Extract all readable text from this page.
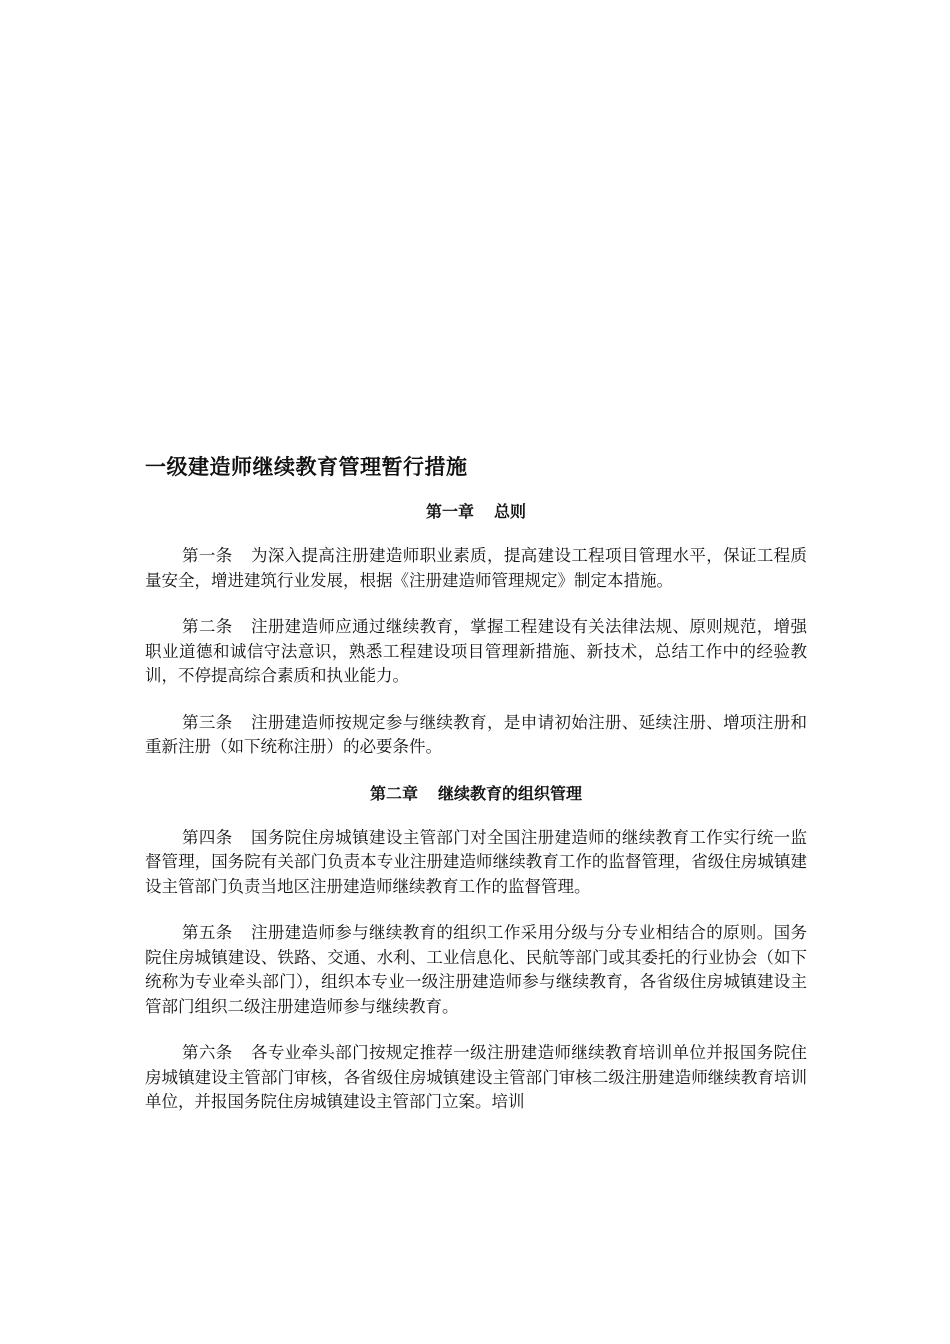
一级建造师继续教育管理暂行措施
第一章 总则

第一条 为深入提高注册建造师职业素质，提高建设工程项目管理水平，保证工程质量安全，增进建筑行业发展，根据《注册建造师管理规定》制定本措施。

第二条 注册建造师应通过继续教育，掌握工程建设有关法律法规、原则规范，增强职业道德和诚信守法意识，熟悉工程建设项目管理新措施、新技术，总结工作中的经验教训，不停提高综合素质和执业能力。

第三条 注册建造师按规定参与继续教育，是申请初始注册、延续注册、增项注册和重新注册（如下统称注册）的必要条件。

第二章 继续教育的组织管理

第四条 国务院住房城镇建设主管部门对全国注册建造师的继续教育工作实行统一监督管理，国务院有关部门负责本专业注册建造师继续教育工作的监督管理，省级住房城镇建设主管部门负责当地区注册建造师继续教育工作的监督管理。

第五条 注册建造师参与继续教育的组织工作采用分级与分专业相结合的原则。国务院住房城镇建设、铁路、交通、水利、工业信息化、民航等部门或其委托的行业协会（如下统称为专业牵头部门），组织本专业一级注册建造师参与继续教育，各省级住房城镇建设主管部门组织二级注册建造师参与继续教育。

第六条 各专业牵头部门按规定推荐一级注册建造师继续教育培训单位并报国务院住房城镇建设主管部门审核，各省级住房城镇建设主管部门审核二级注册建造师继续教育培训单位，并报国务院住房城镇建设主管部门立案。培训
